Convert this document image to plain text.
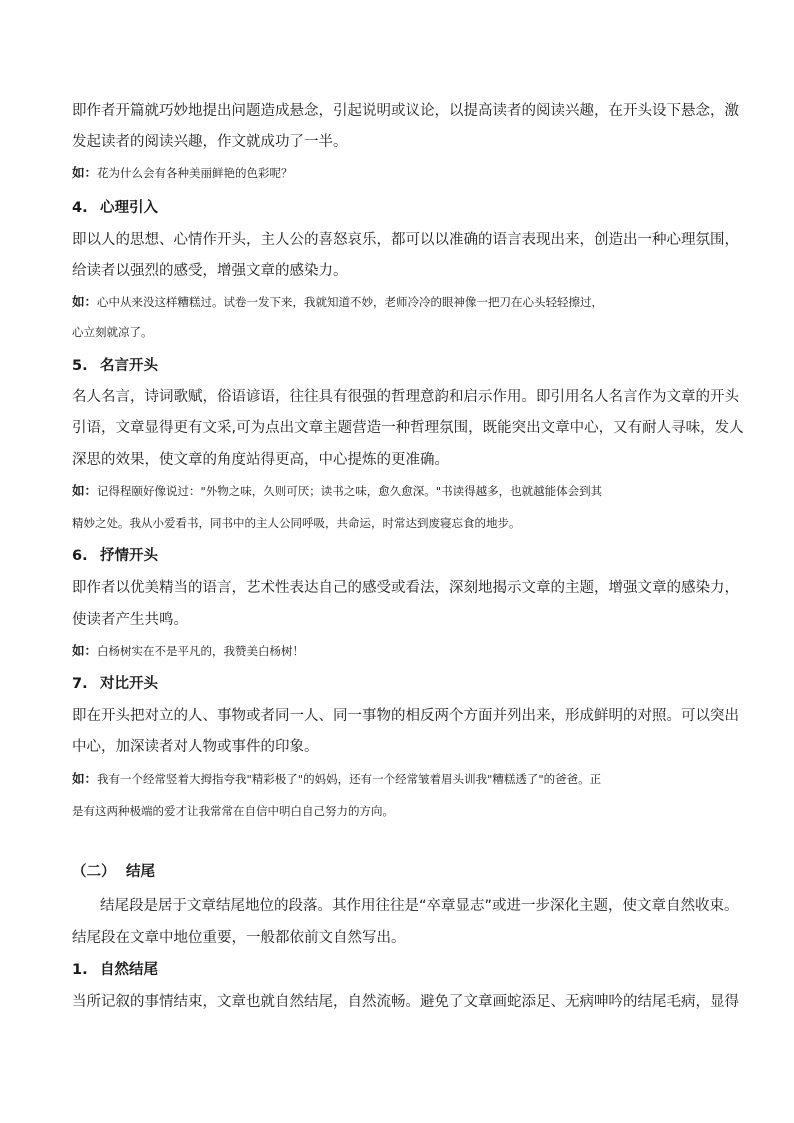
即作者开篇就巧妙地提出问题造成悬念，引起说明或议论，以提高读者的阅读兴趣，在开头设下悬念，激
发起读者的阅读兴趣，作文就成功了一半。
如：花为什么会有各种美丽鲜艳的色彩呢？
4. 心理引入
即以人的思想、心情作开头，主人公的喜怒哀乐，都可以以准确的语言表现出来，创造出一种心理氛围，
给读者以强烈的感受，增强文章的感染力。
如：心中从来没这样糟糕过。试卷一发下来，我就知道不妙，老师冷冷的眼神像一把刀在心头轻轻擦过，
心立刻就凉了。
5. 名言开头
名人名言，诗词歌赋，俗语谚语，往往具有很强的哲理意韵和启示作用。即引用名人名言作为文章的开头
引语，文章显得更有文采,可为点出文章主题营造一种哲理氛围，既能突出文章中心，又有耐人寻味，发人
深思的效果，使文章的角度站得更高，中心提炼的更准确。
如：记得程颐好像说过："外物之味，久则可厌；读书之味，愈久愈深。"书读得越多，也就越能体会到其
精妙之处。我从小爱看书，同书中的主人公同呼吸，共命运，时常达到废寝忘食的地步。
6. 抒情开头
即作者以优美精当的语言，艺术性表达自己的感受或看法，深刻地揭示文章的主题，增强文章的感染力，
使读者产生共鸣。
如：白杨树实在不是平凡的，我赞美白杨树！
7. 对比开头
即在开头把对立的人、事物或者同一人、同一事物的相反两个方面并列出来，形成鲜明的对照。可以突出
中心，加深读者对人物或事件的印象。
如：我有一个经常竖着大拇指夸我"精彩极了"的妈妈，还有一个经常皱着眉头训我"糟糕透了"的爸爸。正
是有这两种极端的爱才让我常常在自信中明白自己努力的方向。
（二） 结尾
结尾段是居于文章结尾地位的段落。其作用往往是“卒章显志”或进一步深化主题，使文章自然收束。
结尾段在文章中地位重要，一般都依前文自然写出。
1. 自然结尾
当所记叙的事情结束，文章也就自然结尾，自然流畅。避免了文章画蛇添足、无病呻吟的结尾毛病，显得
